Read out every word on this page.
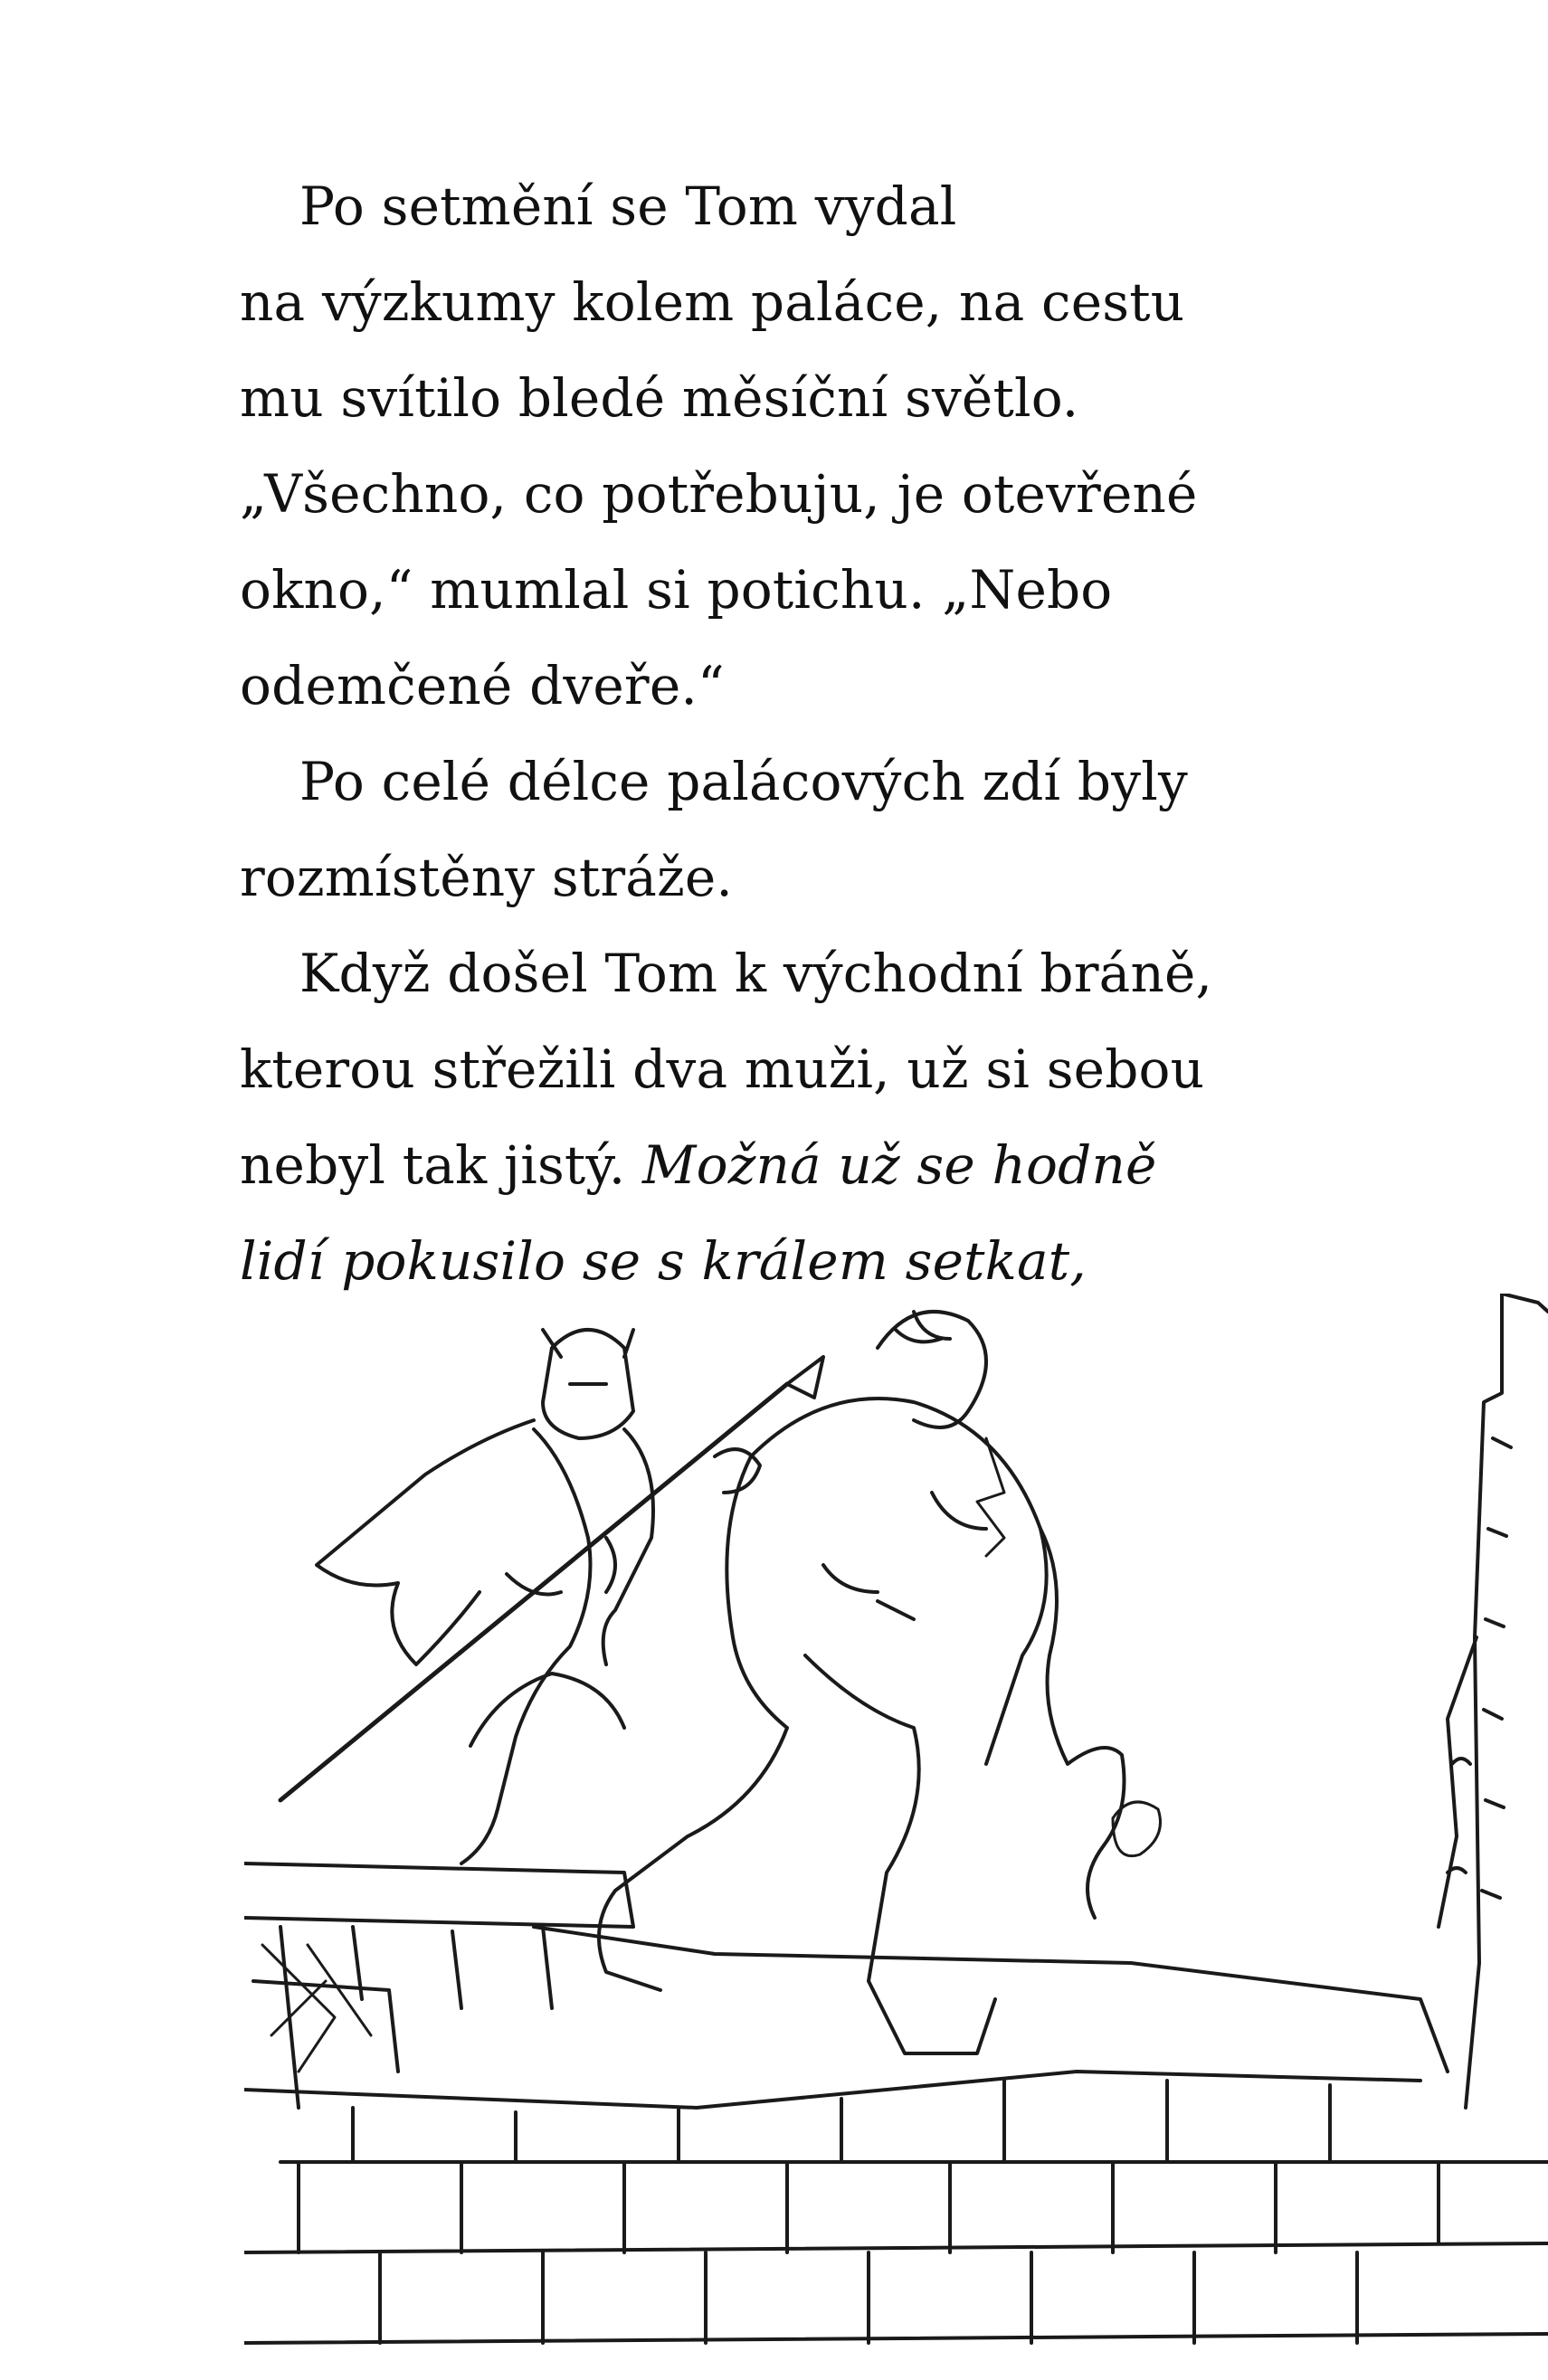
Po setmění se Tom vydal
na výzkumy kolem paláce, na cestu
mu svítilo bledé měsíční světlo.
„Všechno, co potřebuju, je otevřené
okno,“ mumlal si potichu. „Nebo
odemčené dveře.“
Po celé délce palácových zdí byly
rozmístěny stráže.
Když došel Tom k východní bráně,
kterou střežili dva muži, už si sebou
nebyl tak jistý. Možná už se hodně
lidí pokusilo se s králem setkat,
